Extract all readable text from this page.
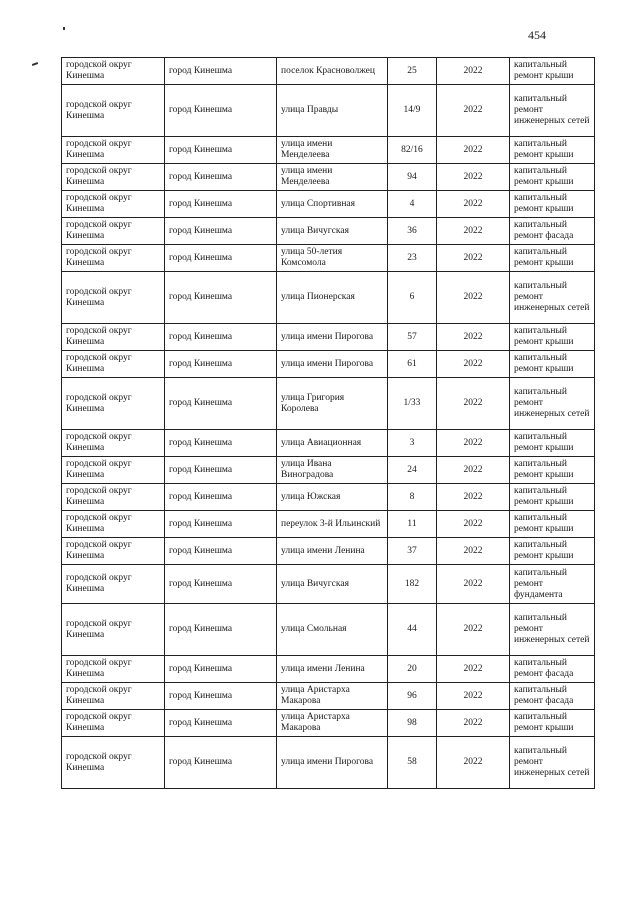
454
городской округ Кинешма	город Кинешма	поселок Красноволжец	25	2022	капитальный ремонт крыши
городской округ Кинешма	город Кинешма	улица Правды	14/9	2022	капитальный ремонт инженерных сетей
городской округ Кинешма	город Кинешма	улица имени Менделеева	82/16	2022	капитальный ремонт крыши
городской округ Кинешма	город Кинешма	улица имени Менделеева	94	2022	капитальный ремонт крыши
городской округ Кинешма	город Кинешма	улица Спортивная	4	2022	капитальный ремонт крыши
городской округ Кинешма	город Кинешма	улица Вичугская	36	2022	капитальный ремонт фасада
городской округ Кинешма	город Кинешма	улица 50-летия Комсомола	23	2022	капитальный ремонт крыши
городской округ Кинешма	город Кинешма	улица Пионерская	6	2022	капитальный ремонт инженерных сетей
городской округ Кинешма	город Кинешма	улица имени Пирогова	57	2022	капитальный ремонт крыши
городской округ Кинешма	город Кинешма	улица имени Пирогова	61	2022	капитальный ремонт крыши
городской округ Кинешма	город Кинешма	улица Григория Королева	1/33	2022	капитальный ремонт инженерных сетей
городской округ Кинешма	город Кинешма	улица Авиационная	3	2022	капитальный ремонт крыши
городской округ Кинешма	город Кинешма	улица Ивана Виноградова	24	2022	капитальный ремонт крыши
городской округ Кинешма	город Кинешма	улица Южская	8	2022	капитальный ремонт крыши
городской округ Кинешма	город Кинешма	переулок 3-й Ильинский	11	2022	капитальный ремонт крыши
городской округ Кинешма	город Кинешма	улица имени Ленина	37	2022	капитальный ремонт крыши
городской округ Кинешма	город Кинешма	улица Вичугская	182	2022	капитальный ремонт фундамента
городской округ Кинешма	город Кинешма	улица Смольная	44	2022	капитальный ремонт инженерных сетей
городской округ Кинешма	город Кинешма	улица имени Ленина	20	2022	капитальный ремонт фасада
городской округ Кинешма	город Кинешма	улица Аристарха Макарова	96	2022	капитальный ремонт фасада
городской округ Кинешма	город Кинешма	улица Аристарха Макарова	98	2022	капитальный ремонт крыши
городской округ Кинешма	город Кинешма	улица имени Пирогова	58	2022	капитальный ремонт инженерных сетей
